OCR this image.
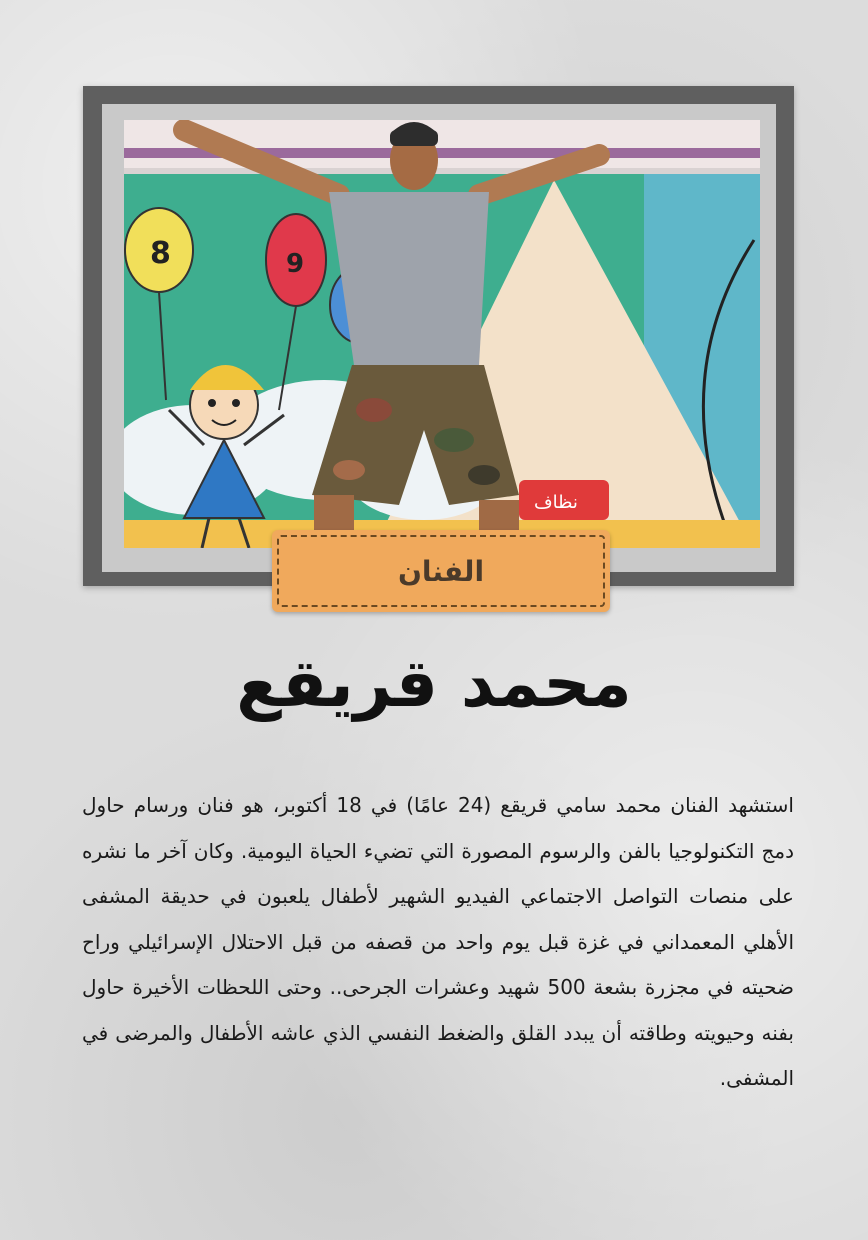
8	9
نظاف
الفنان
محمد قريقع
استشهد الفنان محمد سامي قريقع (24 عامًا) في 18 أكتوبر، هو فنان ورسام حاول دمج التكنولوجيا بالفن والرسوم المصورة التي تضيء الحياة اليومية. وكان آخر ما نشره على منصات التواصل الاجتماعي الفيديو الشهير لأطفال يلعبون في حديقة المشفى الأهلي المعمداني في غزة قبل يوم واحد من قصفه من قبل الاحتلال الإسرائيلي وراح ضحيته في مجزرة بشعة 500 شهيد وعشرات الجرحى.. وحتى اللحظات الأخيرة حاول بفنه وحيويته وطاقته أن يبدد القلق والضغط النفسي الذي عاشه الأطفال والمرضى في المشفى.
